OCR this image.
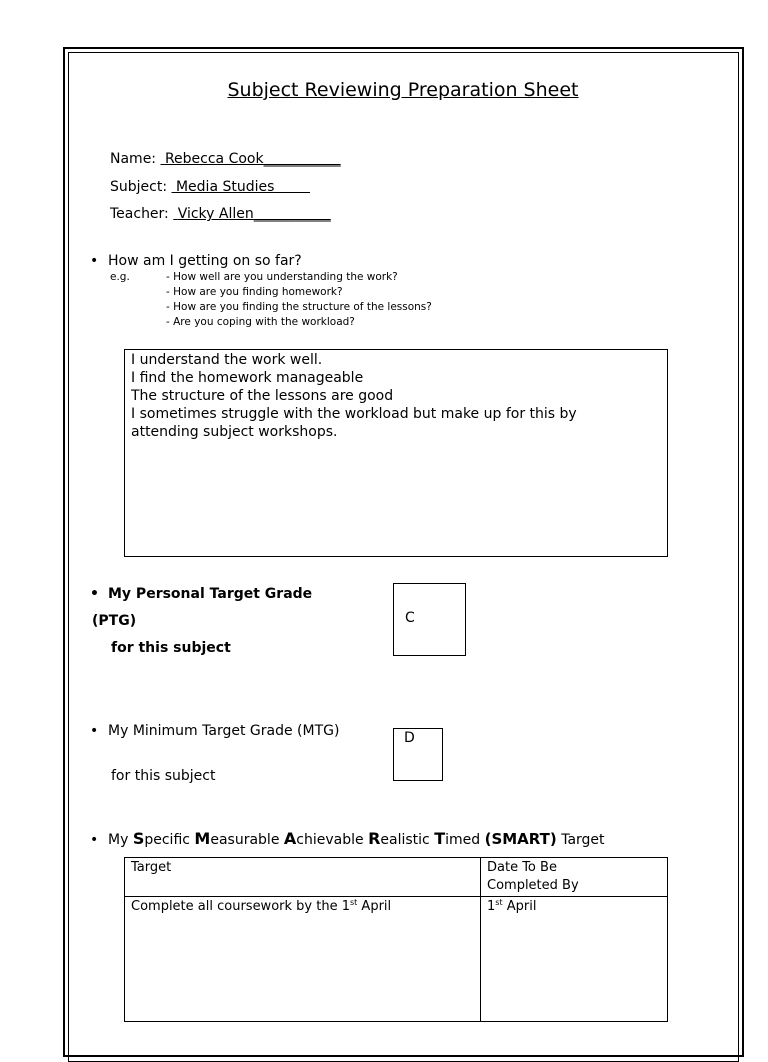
Subject Reviewing Preparation Sheet
Name: Rebecca Cook___________
Subject: Media Studies
Teacher: Vicky Allen___________
• How am I getting on so far?
e.g.	- How well are you understanding the work?
- How are you finding homework?
- How are you finding the structure of the lessons?
- Are you coping with the workload?
I understand the work well.
I find the homework manageable
The structure of the lessons are good
I sometimes struggle with the workload but make up for this by
attending subject workshops.
• My Personal Target Grade
(PTG)
for this subject
C
• My Minimum Target Grade (MTG)
for this subject
D
• My Specific Measurable Achievable Realistic Timed (SMART) Target
Target	Date To Be
Completed By

Complete all coursework by the 1st April	1st April
